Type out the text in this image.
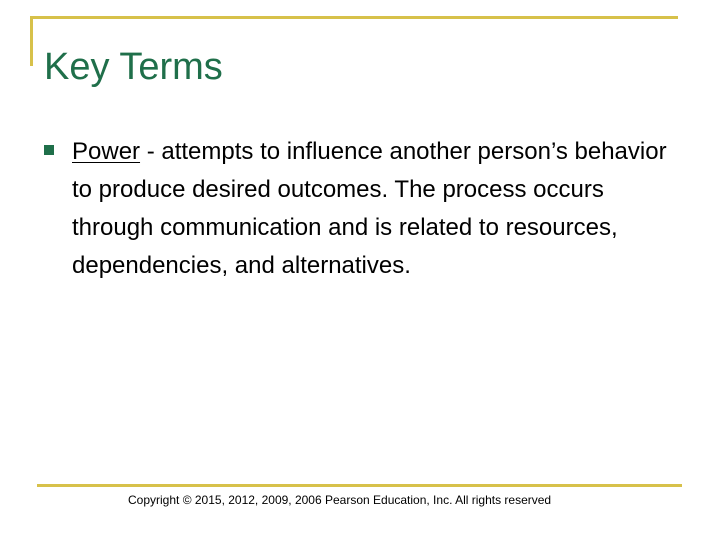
Key Terms

Power - attempts to influence another person’s behavior to produce desired outcomes. The process occurs through communication and is related to resources, dependencies, and alternatives.

Copyright © 2015, 2012, 2009, 2006 Pearson Education, Inc. All rights reserved
